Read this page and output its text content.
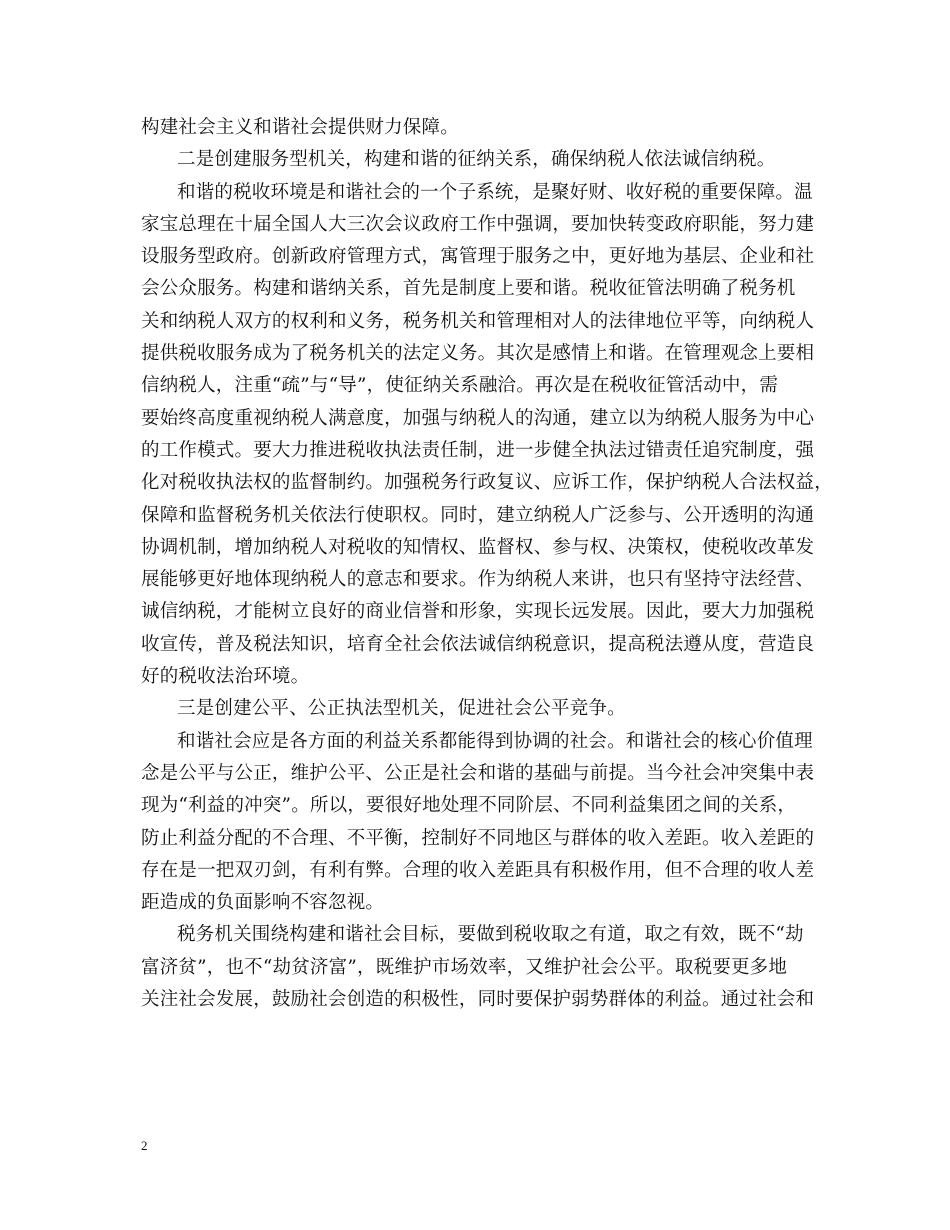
构建社会主义和谐社会提供财力保障。
二是创建服务型机关，构建和谐的征纳关系，确保纳税人依法诚信纳税。
和谐的税收环境是和谐社会的一个子系统，是聚好财、收好税的重要保障。温
家宝总理在十届全国人大三次会议政府工作中强调，要加快转变政府职能，努力建
设服务型政府。创新政府管理方式，寓管理于服务之中，更好地为基层、企业和社
会公众服务。构建和谐纳关系，首先是制度上要和谐。税收征管法明确了税务机
关和纳税人双方的权利和义务，税务机关和管理相对人的法律地位平等，向纳税人
提供税收服务成为了税务机关的法定义务。其次是感情上和谐。在管理观念上要相
信纳税人，注重“疏”与“导”，使征纳关系融洽。再次是在税收征管活动中，需
要始终高度重视纳税人满意度，加强与纳税人的沟通，建立以为纳税人服务为中心
的工作模式。要大力推进税收执法责任制，进一步健全执法过错责任追究制度，强
化对税收执法权的监督制约。加强税务行政复议、应诉工作，保护纳税人合法权益，
保障和监督税务机关依法行使职权。同时，建立纳税人广泛参与、公开透明的沟通
协调机制，增加纳税人对税收的知情权、监督权、参与权、决策权，使税收改革发
展能够更好地体现纳税人的意志和要求。作为纳税人来讲，也只有坚持守法经营、
诚信纳税，才能树立良好的商业信誉和形象，实现长远发展。因此，要大力加强税
收宣传，普及税法知识，培育全社会依法诚信纳税意识，提高税法遵从度，营造良
好的税收法治环境。
三是创建公平、公正执法型机关，促进社会公平竞争。
和谐社会应是各方面的利益关系都能得到协调的社会。和谐社会的核心价值理
念是公平与公正，维护公平、公正是社会和谐的基础与前提。当今社会冲突集中表
现为“利益的冲突”。所以，要很好地处理不同阶层、不同利益集团之间的关系，
防止利益分配的不合理、不平衡，控制好不同地区与群体的收入差距。收入差距的
存在是一把双刃剑，有利有弊。合理的收入差距具有积极作用，但不合理的收人差
距造成的负面影响不容忽视。
税务机关围绕构建和谐社会目标，要做到税收取之有道，取之有效，既不“劫
富济贫”，也不“劫贫济富”，既维护市场效率，又维护社会公平。取税要更多地
关注社会发展，鼓励社会创造的积极性，同时要保护弱势群体的利益。通过社会和
2
